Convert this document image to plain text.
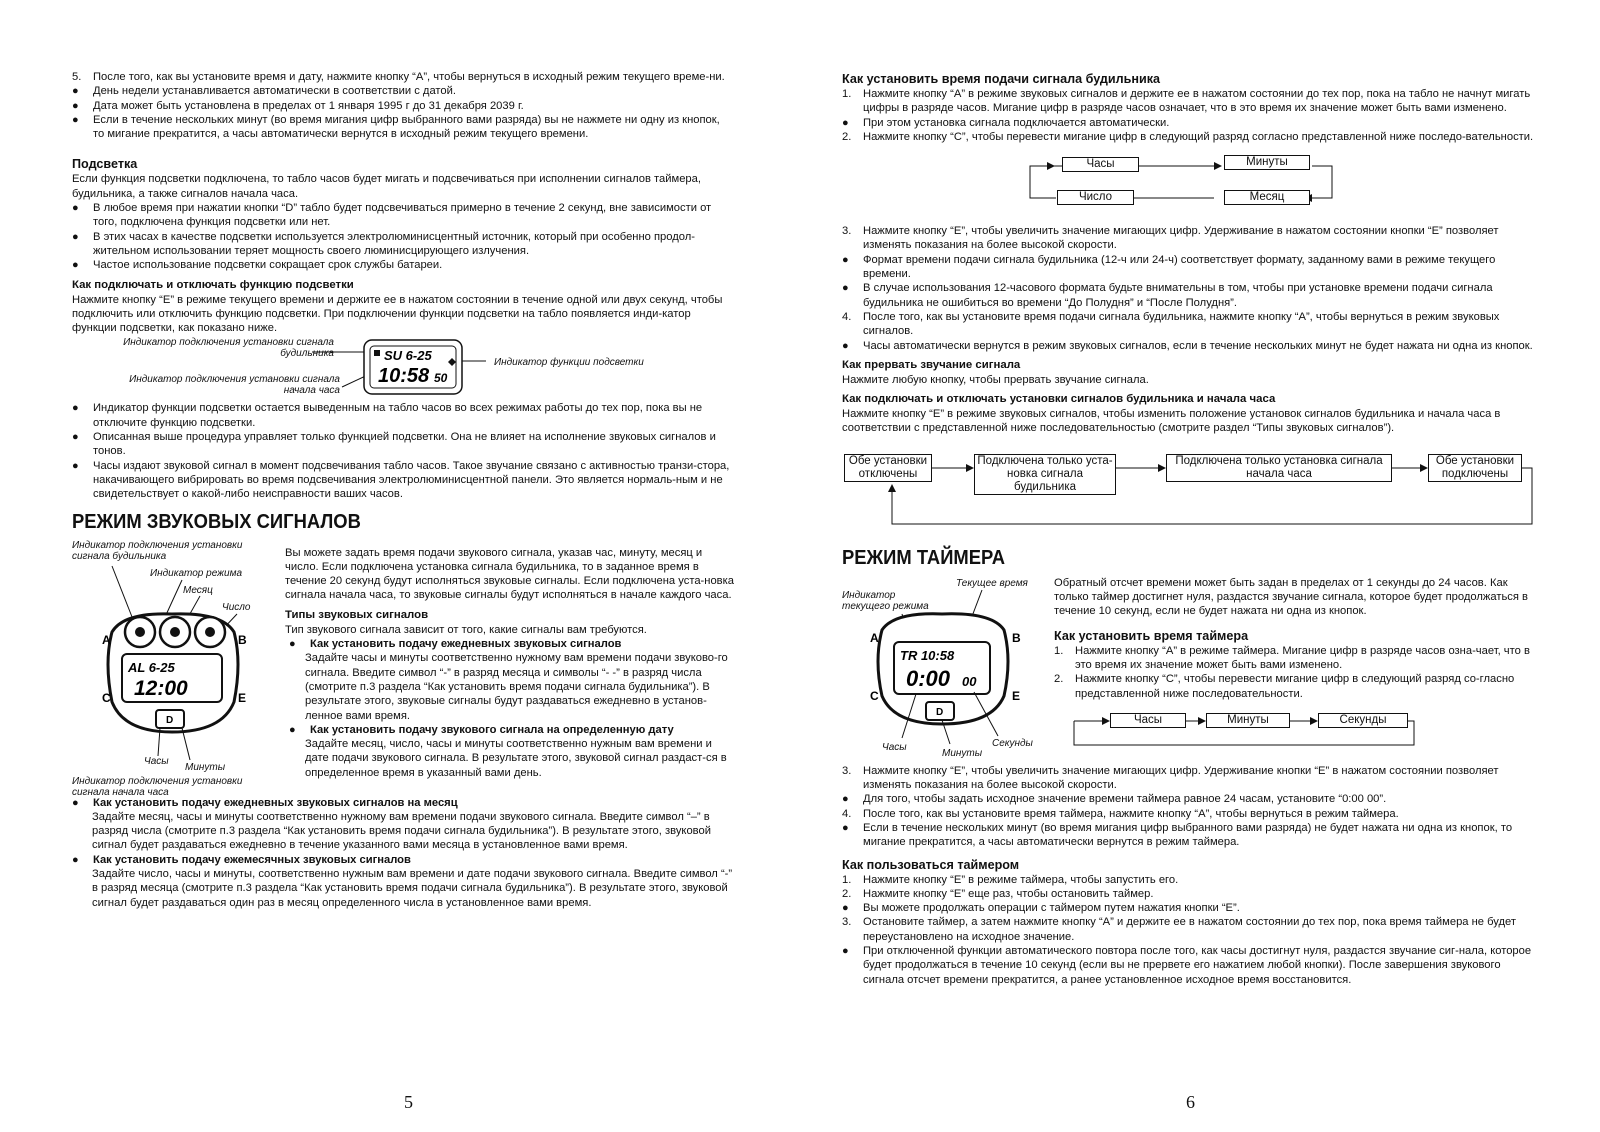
5. После того, как вы установите время и дату, нажмите кнопку “A”, чтобы вернуться в исходный режим текущего време-ни.
● День недели устанавливается автоматически в соответствии с датой.
● Дата может быть установлена в пределах от 1 января 1995 г до 31 декабря 2039 г.
● Если в течение нескольких минут (во время мигания цифр выбранного вами разряда) вы не нажмете ни одну из кнопок, то мигание прекратится, а часы автоматически вернутся в исходный режим текущего времени.
Подсветка

Если функция подсветки подключена, то табло часов будет мигать и подсвечиваться при исполнении сигналов таймера, будильника, а также сигналов начала часа.

● В любое время при нажатии кнопки “D” табло будет подсвечиваться примерно в течение 2 секунд, вне зависимости от того, подключена функция подсветки или нет.
● В этих часах в качестве подсветки используется электролюминисцентный источник, который при особенно продол-жительном использовании теряет мощность своего люминисцирующего излучения.
● Частое использование подсветки сокращает срок службы батареи.
Как подключать и отключать функцию подсветки

Нажмите кнопку “E” в режиме текущего времени и держите ее в нажатом состоянии в течение одной или двух секунд, чтобы подключить или отключить функцию подсветки. При подключении функции подсветки на табло появляется инди-катор функции подсветки, как показано ниже.

Индикатор подключения установки сигнала будильника
Индикатор подключения установки сигнала начала часа
Индикатор функции подсветки
SU 6-25
10:58 50
● Индикатор функции подсветки остается выведенным на табло часов во всех режимах работы до тех пор, пока вы не отключите функцию подсветки.
● Описанная выше процедура управляет только функцией подсветки. Она не влияет на исполнение звуковых сигналов и тонов.
● Часы издают звуковой сигнал в момент подсвечивания табло часов. Такое звучание связано с активностью транзи-стора, накачивающего вибрировать во время подсвечивания электролюминисцентной панели. Это является нормаль-ным и не свидетельствует о какой-либо неисправности ваших часов.
РЕЖИМ ЗВУКОВЫХ СИГНАЛОВ
Индикатор подключения установки сигнала будильника
Индикатор режима
Месяц
Число
Часы
Минуты
Индикатор подключения установки сигнала начала часа
AL 6-25
12:00
A	B
C	E
D

Вы можете задать время подачи звукового сигнала, указав час, минуту, месяц и число. Если подключена установка сигнала будильника, то в заданное время в течение 20 секунд будут исполняться звуковые сигналы. Если подключена уста-новка сигнала начала часа, то звуковые сигналы будут исполняться в начале каждого часа.

Типы звуковых сигналов

Тип звукового сигнала зависит от того, какие сигналы вам требуются.

● Как установить подачу ежедневных звуковых сигналов

Задайте часы и минуты соответственно нужному вам времени подачи звуково-го сигнала. Введите символ “-” в разряд месяца и символы “- -” в разряд числа (смотрите п.3 раздела “Как установить время подачи сигнала будильника”). В результате этого, звуковые сигналы будут раздаваться ежедневно в установ-ленное вами время.

● Как установить подачу звукового сигнала на определенную дату

Задайте месяц, число, часы и минуты соответственно нужным вам времени и дате подачи звукового сигнала. В результате этого, звуковой сигнал раздаст-ся в определенное время в указанный вами день.

● Как установить подачу ежедневных звуковых сигналов на месяц

Задайте месяц, часы и минуты соответственно нужному вам времени подачи звукового сигнала. Введите символ “–” в разряд числа (смотрите п.3 раздела “Как установить время подачи сигнала будильника”). В результате этого, звуковой сигнал будет раздаваться ежедневно в течение указанного вами месяца в установленное вами время.

● Как установить подачу ежемесячных звуковых сигналов

Задайте число, часы и минуты, соответственно нужным вам времени и дате подачи звукового сигнала. Введите символ “-” в разряд месяца (смотрите п.3 раздела “Как установить время подачи сигнала будильника”). В результате этого, звуковой сигнал будет раздаваться один раз в месяц определенного числа в установленное вами время.

5
Как установить время подачи сигнала будильника
1. Нажмите кнопку “A” в режиме звуковых сигналов и держите ее в нажатом состоянии до тех пор, пока на табло не начнут мигать цифры в разряде часов. Мигание цифр в разряде часов означает, что в это время их значение может быть вами изменено.
● При этом установка сигнала подключается автоматически.
2. Нажмите кнопку “C”, чтобы перевести мигание цифр в следующий разряд согласно представленной ниже последо-вательности.
Часы	Минуты
Месяц
Число
3. Нажмите кнопку “E”, чтобы увеличить значение мигающих цифр. Удерживание в нажатом состоянии кнопки “E” позволяет изменять показания на более высокой скорости.
● Формат времени подачи сигнала будильника (12-ч или 24-ч) соответствует формату, заданному вами в режиме текущего времени.
● В случае использования 12-часового формата будьте внимательны в том, чтобы при установке времени подачи сигнала будильника не ошибиться во времени “До Полудня” и “После Полудня”.
4. После того, как вы установите время подачи сигнала будильника, нажмите кнопку “A”, чтобы вернуться в режим звуковых сигналов.
● Часы автоматически вернутся в режим звуковых сигналов, если в течение нескольких минут не будет нажата ни одна из кнопок.
Как прервать звучание сигнала

Нажмите любую кнопку, чтобы прервать звучание сигнала.

Как подключать и отключать установки сигналов будильника и начала часа

Нажмите кнопку “E” в режиме звуковых сигналов, чтобы изменить положение установок сигналов будильника и начала часа в соответствии с представленной ниже последовательностью (смотрите раздел “Типы звуковых сигналов”).

Обе установки отключены
Подключена только уста-новка сигнала будильника
Подключена только установка сигнала начала часа
Обе установки подключены
РЕЖИМ ТАЙМЕРА
Индикатор текущего режима
Текущее время
Часы
Минуты
Секунды
TR 10:58
0:00 00
A	B
C	E
D

Обратный отсчет времени может быть задан в пределах от 1 секунды до 24 часов. Как только таймер достигнет нуля, раздастся звучание сигнала, которое будет продолжаться в течение 10 секунд, если не будет нажата ни одна из кнопок.

Как установить время таймера
1. Нажмите кнопку “A” в режиме таймера. Мигание цифр в разряде часов озна-чает, что в это время их значение может быть вами изменено.
2. Нажмите кнопку “C”, чтобы перевести мигание цифр в следующий разряд со-гласно представленной ниже последовательности.
Часы	Минуты	Секунды
3. Нажмите кнопку “E”, чтобы увеличить значение мигающих цифр. Удерживание кнопки “E” в нажатом состоянии позволяет изменять показания на более высокой скорости.
● Для того, чтобы задать исходное значение времени таймера равное 24 часам, установите “0:00 00”.
4. После того, как вы установите время таймера, нажмите кнопку “A”, чтобы вернуться в режим таймера.
● Если в течение нескольких минут (во время мигания цифр выбранного вами разряда) не будет нажата ни одна из кнопок, то мигание прекратится, а часы автоматически вернутся в режим таймера.
Как пользоваться таймером
1. Нажмите кнопку “E” в режиме таймера, чтобы запустить его.
2. Нажмите кнопку “E” еще раз, чтобы остановить таймер.
● Вы можете продолжать операции с таймером путем нажатия кнопки “E”.
3. Остановите таймер, а затем нажмите кнопку “A” и держите ее в нажатом состоянии до тех пор, пока время таймера не будет переустановлено на исходное значение.
● При отключенной функции автоматического повтора после того, как часы достигнут нуля, раздастся звучание сиг-нала, которое будет продолжаться в течение 10 секунд (если вы не прервете его нажатием любой кнопки). После завершения звукового сигнала отсчет времени прекратится, а ранее установленное исходное время восстановится.
6
